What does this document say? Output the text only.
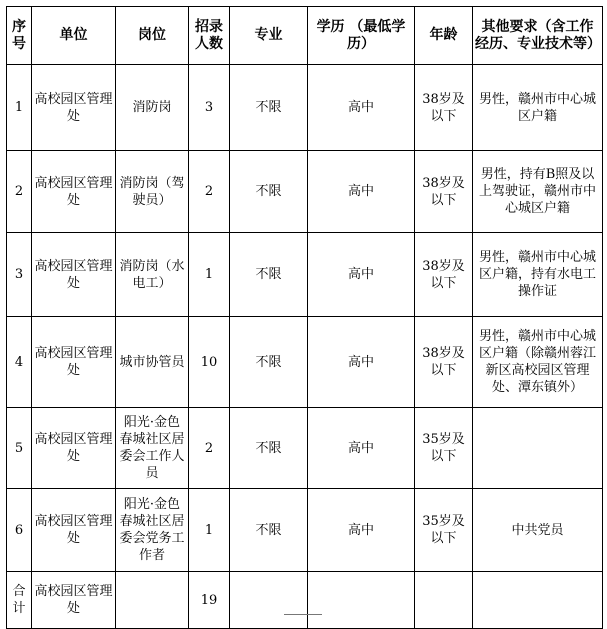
序号	单位	岗位	招录人数	专业	学历 （最低学历）	年龄	其他要求（含工作经历、专业技术等）
1	高校园区管理处	消防岗	3	不限	高中	38岁及以下	男性，赣州市中心城区户籍
2	高校园区管理处	消防岗（驾驶员）	2	不限	高中	38岁及以下	男性，持有B照及以上驾驶证，赣州市中心城区户籍
3	高校园区管理处	消防岗（水电工）	1	不限	高中	38岁及以下	男性，赣州市中心城区户籍，持有水电工操作证
4	高校园区管理处	城市协管员	10	不限	高中	38岁及以下	男性，赣州市中心城区户籍（除赣州蓉江新区高校园区管理处、潭东镇外）
5	高校园区管理处	阳光·金色春城社区居委会工作人员	2	不限	高中	35岁及以下	
6	高校园区管理处	阳光·金色春城社区居委会党务工作者	1	不限	高中	35岁及以下	中共党员
合计	高校园区管理处		19				
